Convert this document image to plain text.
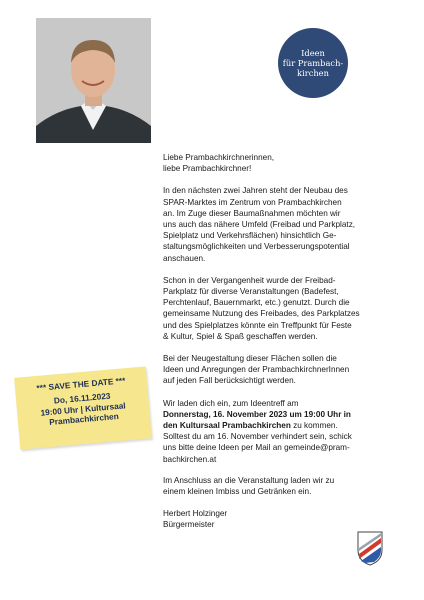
Ideen
für Prambach-
kirchen

Liebe Prambachkirchnerinnen,
liebe Prambachkirchner!

In den nächsten zwei Jahren steht der Neubau des
SPAR-Marktes im Zentrum von Prambachkirchen
an. Im Zuge dieser Baumaßnahmen möchten wir
uns auch das nähere Umfeld (Freibad und Parkplatz,
Spielplatz und Verkehrsflächen) hinsichtlich Ge-
staltungsmöglichkeiten und Verbesserungspotential
anschauen.

Schon in der Vergangenheit wurde der Freibad-
Parkplatz für diverse Veranstaltungen (Badefest,
Perchtenlauf, Bauernmarkt, etc.) genutzt. Durch die
gemeinsame Nutzung des Freibades, des Parkplatzes
und des Spielplatzes könnte ein Treffpunkt für Feste
& Kultur, Spiel & Spaß geschaffen werden.

Bei der Neugestaltung dieser Flächen sollen die
Ideen und Anregungen der PrambachkirchnerInnen
auf jeden Fall berücksichtigt werden.

Wir laden dich ein, zum Ideentreff am
Donnerstag, 16. November 2023 um 19:00 Uhr in
den Kultursaal Prambachkirchen zu kommen.
Solltest du am 16. November verhindert sein, schick
uns bitte deine Ideen per Mail an gemeinde@pram-
bachkirchen.at

Im Anschluss an die Veranstaltung laden wir zu
einem kleinen Imbiss und Getränken ein.

Herbert Holzinger
Bürgermeister

*** SAVE THE DATE ***
Do, 16.11.2023
19:00 Uhr | Kultursaal
Prambachkirchen
